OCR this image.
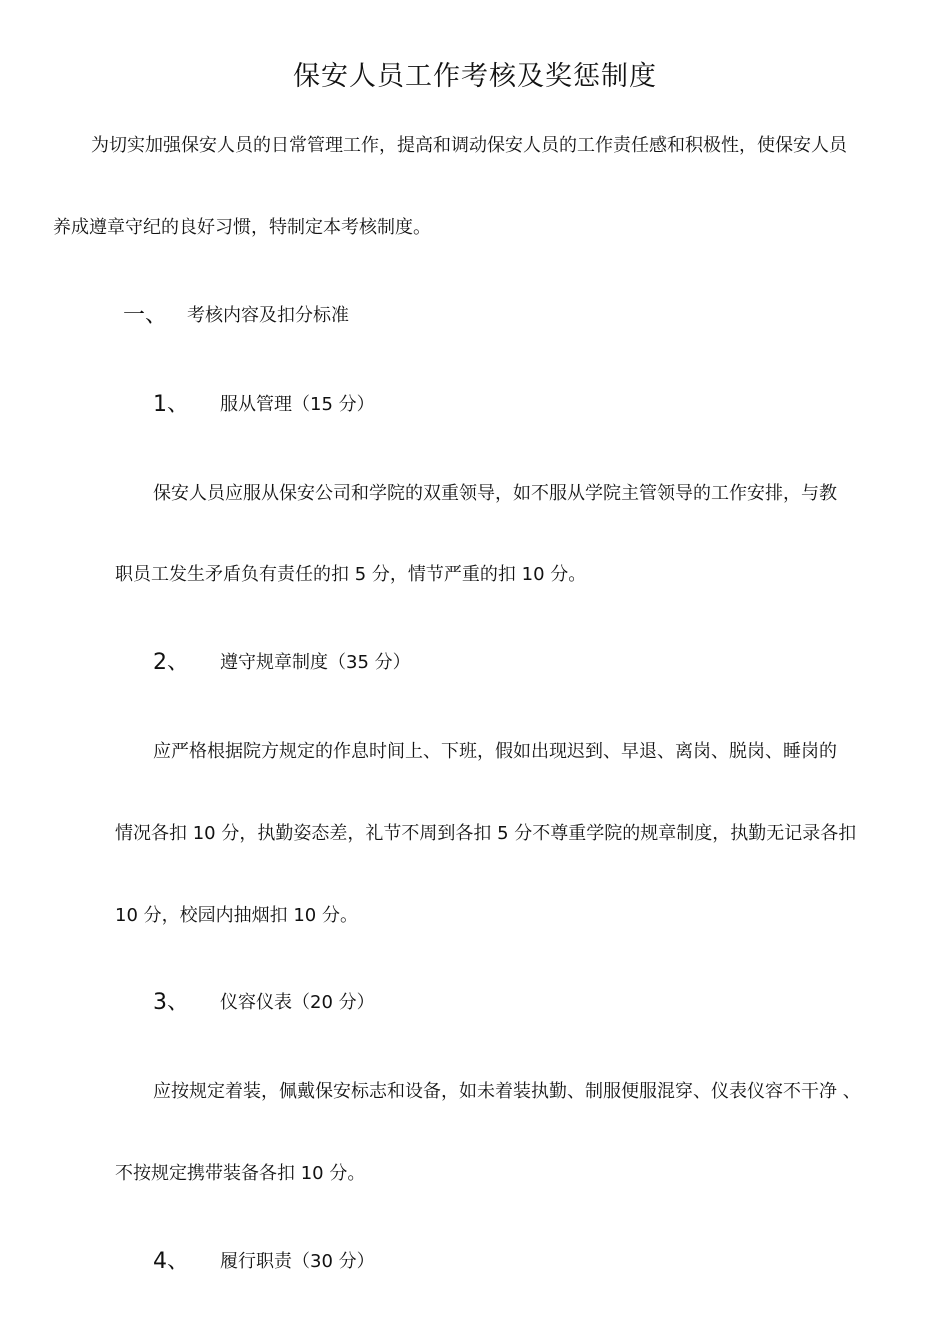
保安人员工作考核及奖惩制度
为切实加强保安人员的日常管理工作，提高和调动保安人员的工作责任感和积极性，使保安人员
养成遵章守纪的良好习惯，特制定本考核制度。
一、 考核内容及扣分标准
1、 服从管理（15 分）
保安人员应服从保安公司和学院的双重领导，如不服从学院主管领导的工作安排，与教
职员工发生矛盾负有责任的扣 5 分，情节严重的扣 10 分。
2、 遵守规章制度（35 分）
应严格根据院方规定的作息时间上、下班，假如出现迟到、早退、离岗、脱岗、睡岗的
情况各扣 10 分，执勤姿态差，礼节不周到各扣 5 分不尊重学院的规章制度，执勤无记录各扣
10 分，校园内抽烟扣 10 分。
3、 仪容仪表（20 分）
应按规定着装，佩戴保安标志和设备，如未着装执勤、制服便服混穿、仪表仪容不干净 、
不按规定携带装备各扣 10 分。
4、 履行职责（30 分）
